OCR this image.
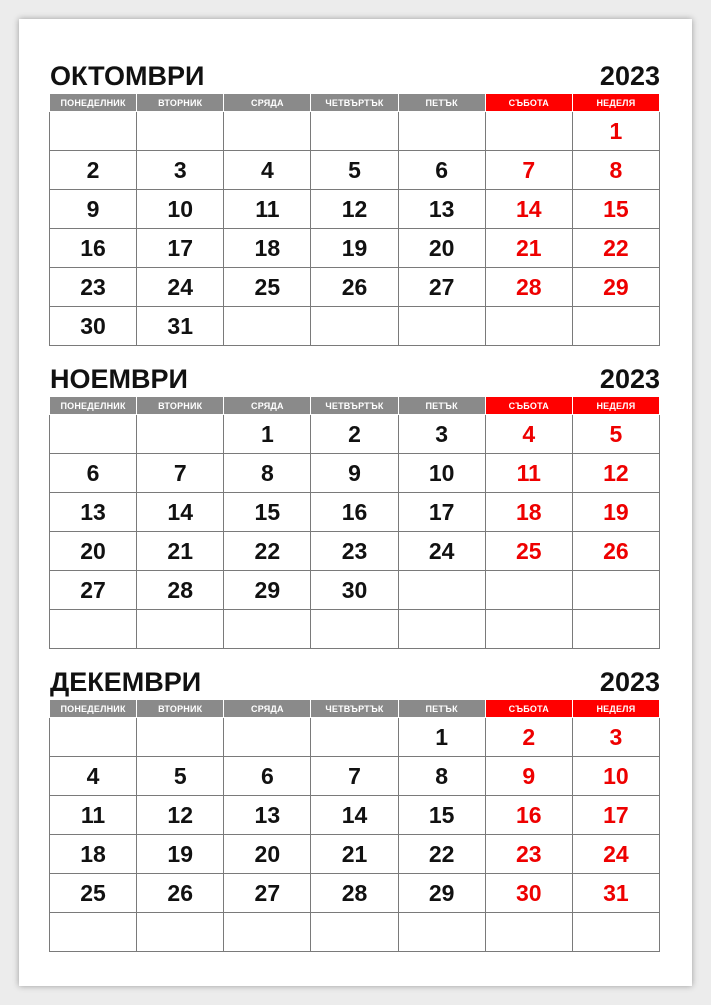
ОКТОМВРИ	2023
ПОНЕДЕЛНИК	ВТОРНИК	СРЯДА	ЧЕТВЪРТЪК	ПЕТЪК	СЪБОТА	НЕДЕЛЯ
						1
2	3	4	5	6	7	8
9	10	11	12	13	14	15
16	17	18	19	20	21	22
23	24	25	26	27	28	29
30	31					
НОЕМВРИ	2023
ПОНЕДЕЛНИК	ВТОРНИК	СРЯДА	ЧЕТВЪРТЪК	ПЕТЪК	СЪБОТА	НЕДЕЛЯ
		1	2	3	4	5
6	7	8	9	10	11	12
13	14	15	16	17	18	19
20	21	22	23	24	25	26
27	28	29	30			

ДЕКЕМВРИ	2023
ПОНЕДЕЛНИК	ВТОРНИК	СРЯДА	ЧЕТВЪРТЪК	ПЕТЪК	СЪБОТА	НЕДЕЛЯ
				1	2	3
4	5	6	7	8	9	10
11	12	13	14	15	16	17
18	19	20	21	22	23	24
25	26	27	28	29	30	31
